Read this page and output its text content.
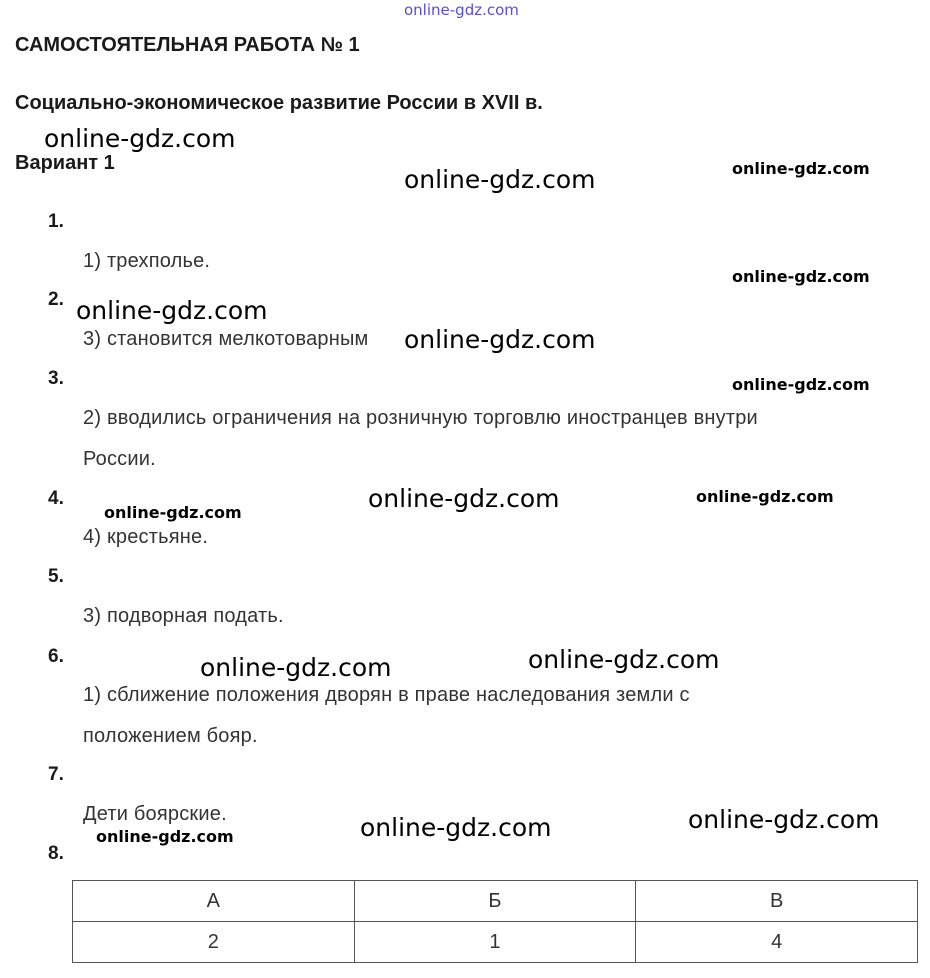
online-gdz.com
САМОСТОЯТЕЛЬНАЯ РАБОТА № 1
Социально-экономическое развитие России в XVII в.
Вариант 1
1.
1) трехполье.
2.
3) становится мелкотоварным
3.
2) вводились ограничения на розничную торговлю иностранцев внутри
России.
4.
4) крестьяне.
5.
3) подворная подать.
6.
1) сближение положения дворян в праве наследования земли с
положением бояр.
7.
Дети боярские.
8.
А	Б	В
2	1	4
online-gdz.com
online-gdz.com	online-gdz.com
online-gdz.com
online-gdz.com
online-gdz.com
online-gdz.com
online-gdz.com	online-gdz.com
online-gdz.com
online-gdz.com
online-gdz.com
online-gdz.com
online-gdz.com
online-gdz.com
